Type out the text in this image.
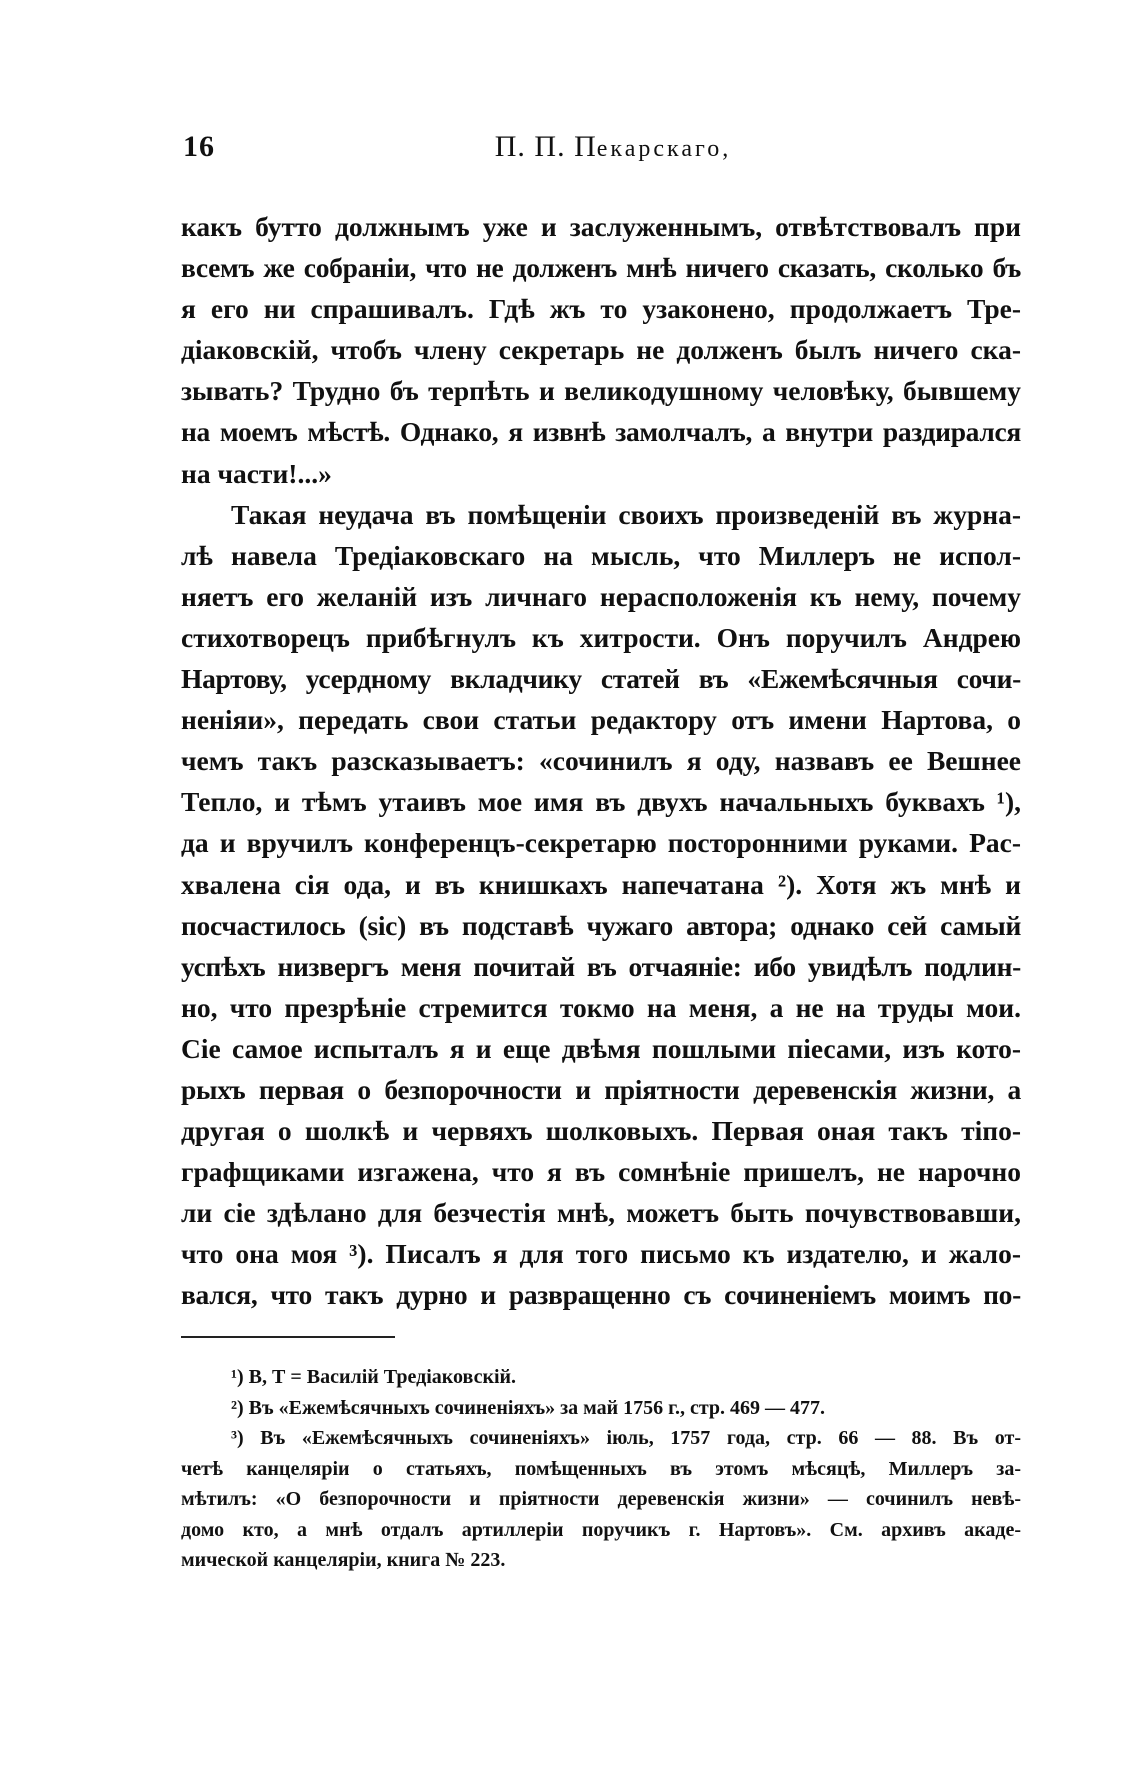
16	П. П. Пекарскаго,
какъ бутто должнымъ уже и заслуженнымъ, отвѣтствовалъ при
всемъ же собраніи, что не долженъ мнѣ ничего сказать, сколько бъ
я его ни спрашивалъ. Гдѣ жъ то узаконено, продолжаетъ Тре-
діаковскій, чтобъ члену секретарь не долженъ былъ ничего ска-
зывать? Трудно бъ терпѣть и великодушному человѣку, бывшему
на моемъ мѣстѣ. Однако, я извнѣ замолчалъ, а внутри раздирался
на части!...»
Такая неудача въ помѣщеніи своихъ произведеній въ журна-
лѣ навела Тредіаковскаго на мысль, что Миллеръ не испол-
няетъ его желаній изъ личнаго нерасположенія къ нему, почему
стихотворецъ прибѣгнулъ къ хитрости. Онъ поручилъ Андрею
Нартову, усердному вкладчику статей въ «Ежемѣсячныя сочи-
неніяи», передать свои статьи редактору отъ имени Нартова, о
чемъ такъ разсказываетъ: «сочинилъ я оду, назвавъ ее Вешнее
Тепло, и тѣмъ утаивъ мое имя въ двухъ начальныхъ буквахъ ¹),
да и вручилъ конференцъ-секретарю посторонними руками. Рас-
хвалена сія ода, и въ книшкахъ напечатана ²). Хотя жъ мнѣ и
посчастилось (sic) въ подставѣ чужаго автора; однако сей самый
успѣхъ низвергъ меня почитай въ отчаяніе: ибо увидѣлъ подлин-
но, что презрѣніе стремится токмо на меня, а не на труды мои.
Сіе самое испыталъ я и еще двѣмя пошлыми піесами, изъ кото-
рыхъ первая о безпорочности и пріятности деревенскія жизни, а
другая о шолкѣ и червяхъ шолковыхъ. Первая оная такъ тіпо-
графщиками изгажена, что я въ сомнѣніе пришелъ, не нарочно
ли сіе здѣлано для безчестія мнѣ, можетъ быть почувствовавши,
что она моя ³). Писалъ я для того письмо къ издателю, и жало-
вался, что такъ дурно и развращенно съ сочиненіемъ моимъ по-
¹) В, Т = Василій Тредіаковскій.
²) Въ «Ежемѣсячныхъ сочиненіяхъ» за май 1756 г., стр. 469 — 477.
³) Въ «Ежемѣсячныхъ сочиненіяхъ» іюль, 1757 года, стр. 66 — 88. Въ от-
четѣ канцеляріи о статьяхъ, помѣщенныхъ въ этомъ мѣсяцѣ, Миллеръ за-
мѣтилъ: «О безпорочности и пріятности деревенскія жизни» — сочинилъ невѣ-
домо кто, а мнѣ отдалъ артиллеріи поручикъ г. Нартовъ». См. архивъ акаде-
мической канцеляріи, книга № 223.
